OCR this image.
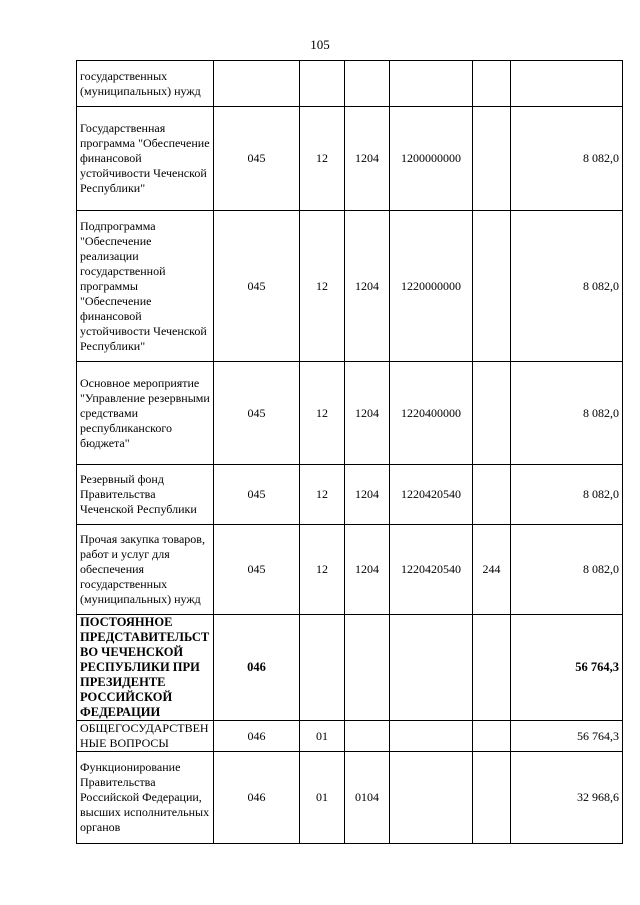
105
государственных (муниципальных) нужд						
Государственная программа "Обеспечение финансовой устойчивости Чеченской Республики"	045	12	1204	1200000000		8 082,0
Подпрограмма "Обеспечение реализации государственной программы "Обеспечение финансовой устойчивости Чеченской Республики"	045	12	1204	1220000000		8 082,0
Основное мероприятие "Управление резервными средствами республиканского бюджета"	045	12	1204	1220400000		8 082,0
Резервный фонд Правительства Чеченской Республики	045	12	1204	1220420540		8 082,0
Прочая закупка товаров, работ и услуг для обеспечения государственных (муниципальных) нужд	045	12	1204	1220420540	244	8 082,0
ПОСТОЯННОЕ ПРЕДСТАВИТЕЛЬСТВО ЧЕЧЕНСКОЙ РЕСПУБЛИКИ ПРИ ПРЕЗИДЕНТЕ РОССИЙСКОЙ ФЕДЕРАЦИИ	046					56 764,3
ОБЩЕГОСУДАРСТВЕННЫЕ ВОПРОСЫ	046	01				56 764,3
Функционирование Правительства Российской Федерации, высших исполнительных органов	046	01	0104			32 968,6
